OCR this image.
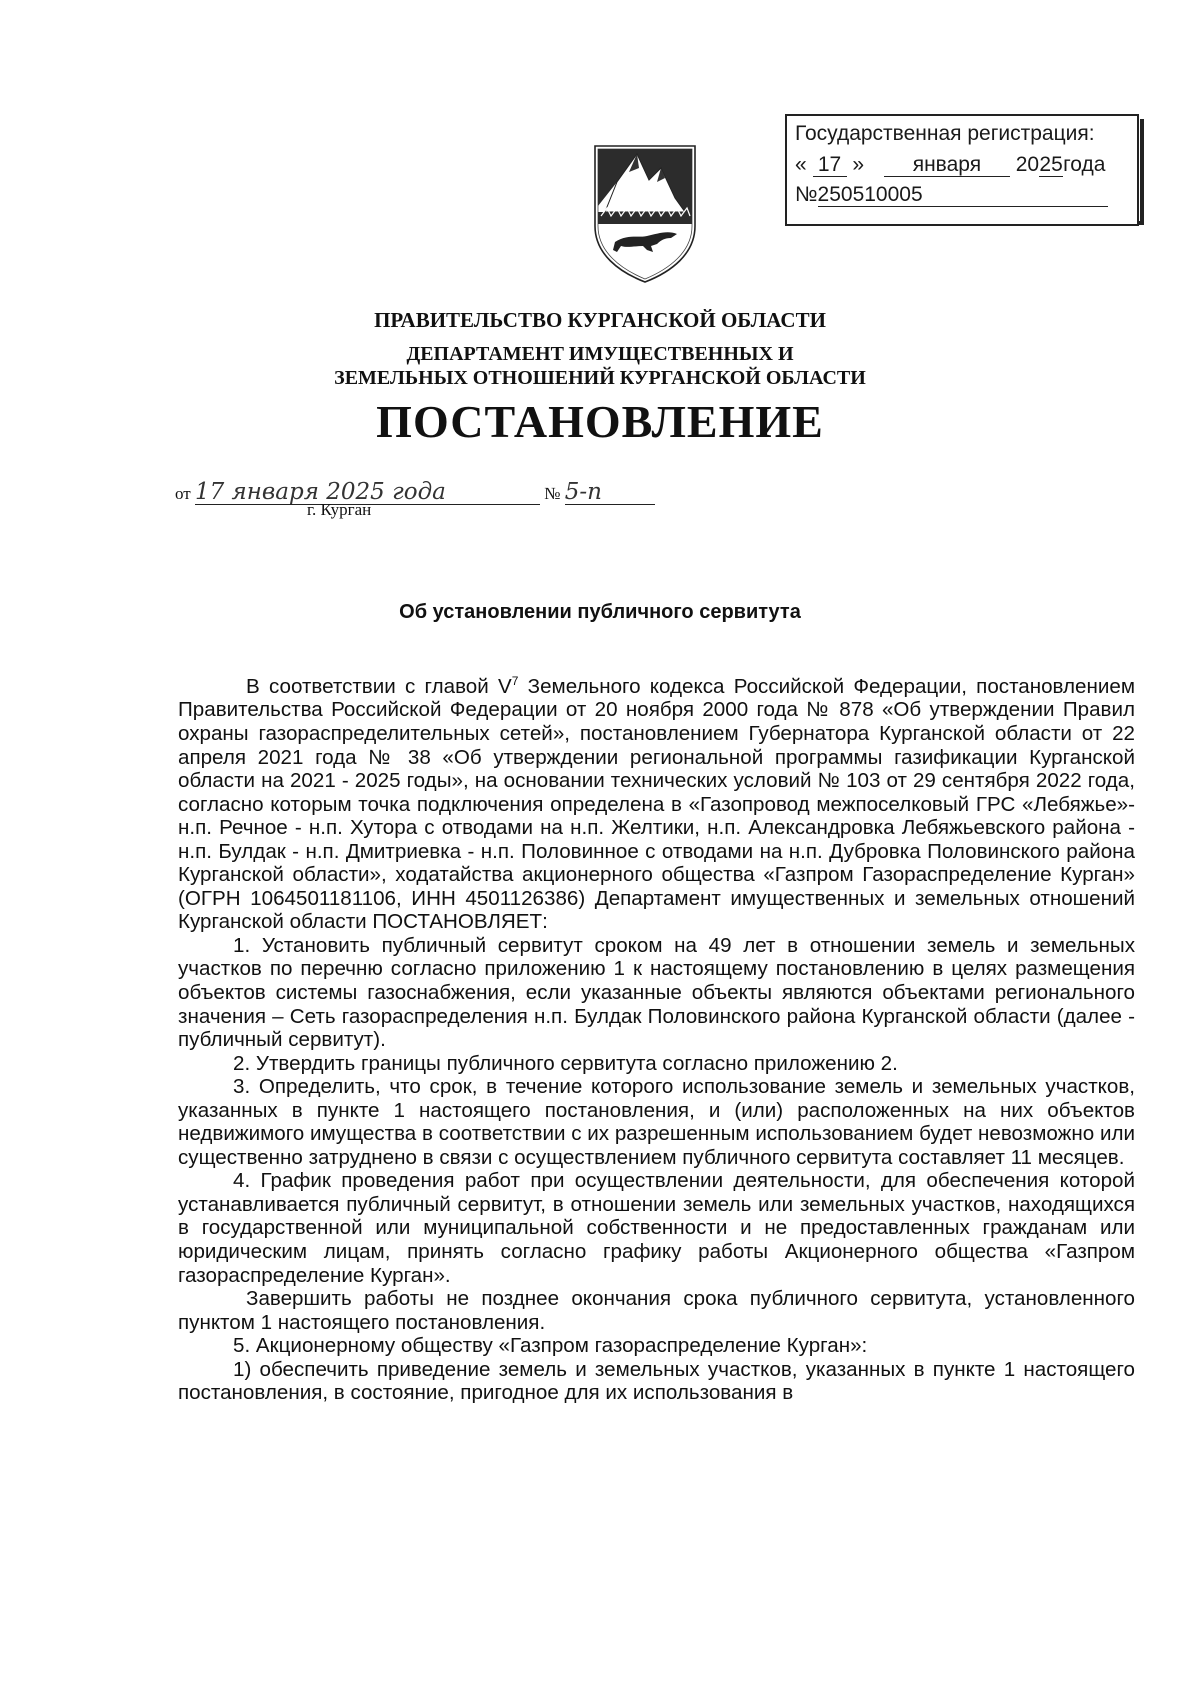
Государственная регистрация:
« 17 » января 2025года
№250510005
ПРАВИТЕЛЬСТВО КУРГАНСКОЙ ОБЛАСТИ
ДЕПАРТАМЕНТ ИМУЩЕСТВЕННЫХ И
ЗЕМЕЛЬНЫХ ОТНОШЕНИЙ КУРГАНСКОЙ ОБЛАСТИ
ПОСТАНОВЛЕНИЕ
от 17 января 2025 года	№ 5-п
г. Курган
Об установлении публичного сервитута

В соответствии с главой $V^7$ Земельного кодекса Российской Федерации, постановлением Правительства Российской Федерации от 20 ноября 2000 года № 878 «Об утверждении Правил охраны газораспределительных сетей», постановлением Губернатора Курганской области от 22 апреля 2021 года № 38 «Об утверждении региональной программы газификации Курганской области на 2021 - 2025 годы», на основании технических условий № 103 от 29 сентября 2022 года, согласно которым точка подключения определена в «Газопровод межпоселковый ГРС «Лебяжье»- н.п. Речное - н.п. Хутора с отводами на н.п. Желтики, н.п. Александровка Лебяжьевского района - н.п. Булдак - н.п. Дмитриевка - н.п. Половинное с отводами на н.п. Дубровка Половинского района Курганской области», ходатайства акционерного общества «Газпром Газораспределение Курган» (ОГРН 1064501181106, ИНН 4501126386) Департамент имущественных и земельных отношений Курганской области ПОСТАНОВЛЯЕТ:

1. Установить публичный сервитут сроком на 49 лет в отношении земель и земельных участков по перечню согласно приложению 1 к настоящему постановлению в целях размещения объектов системы газоснабжения, если указанные объекты являются объектами регионального значения – Сеть газораспределения н.п. Булдак Половинского района Курганской области (далее - публичный сервитут).

2. Утвердить границы публичного сервитута согласно приложению 2.

3. Определить, что срок, в течение которого использование земель и земельных участков, указанных в пункте 1 настоящего постановления, и (или) расположенных на них объектов недвижимого имущества в соответствии с их разрешенным использованием будет невозможно или существенно затруднено в связи с осуществлением публичного сервитута составляет 11 месяцев.

4. График проведения работ при осуществлении деятельности, для обеспечения которой устанавливается публичный сервитут, в отношении земель или земельных участков, находящихся в государственной или муниципальной собственности и не предоставленных гражданам или юридическим лицам, принять согласно графику работы Акционерного общества «Газпром газораспределение Курган».

Завершить работы не позднее окончания срока публичного сервитута, установленного пунктом 1 настоящего постановления.

5. Акционерному обществу «Газпром газораспределение Курган»:

1) обеспечить приведение земель и земельных участков, указанных в пункте 1 настоящего постановления, в состояние, пригодное для их использования в
